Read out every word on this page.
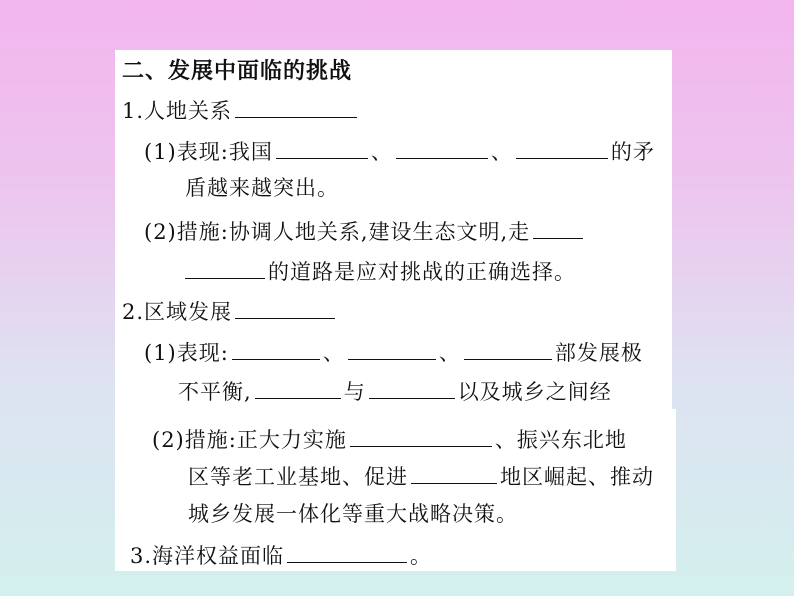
二、发展中面临的挑战
1.人地关系
(1)表现:我国	、	、	的矛
盾越来越突出。
(2)措施:协调人地关系,建设生态文明,走
的道路是应对挑战的正确选择。
2.区域发展
(1)表现:	、	、	部发展极
不平衡,	与	以及城乡之间经
(2)措施:正大力实施	、振兴东北地
区等老工业基地、促进	地区崛起、推动
城乡发展一体化等重大战略决策。
3.海洋权益面临	。
